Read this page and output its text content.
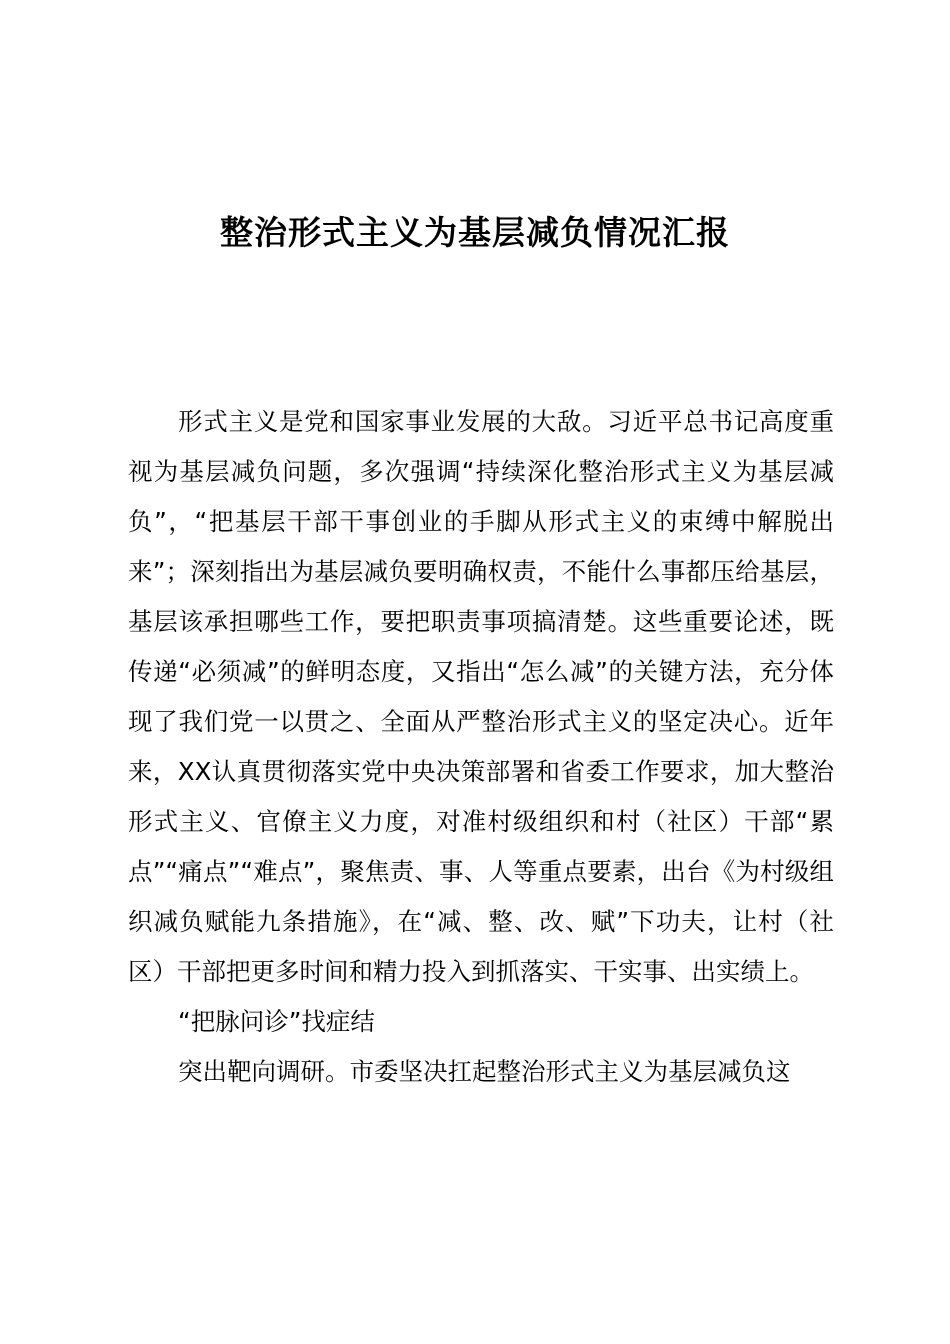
整治形式主义为基层减负情况汇报

形式主义是党和国家事业发展的大敌。习近平总书记高度重视为基层减负问题，多次强调“持续深化整治形式主义为基层减负”，“把基层干部干事创业的手脚从形式主义的束缚中解脱出来”；深刻指出为基层减负要明确权责，不能什么事都压给基层，基层该承担哪些工作，要把职责事项搞清楚。这些重要论述，既传递“必须减”的鲜明态度，又指出“怎么减”的关键方法，充分体现了我们党一以贯之、全面从严整治形式主义的坚定决心。近年来，XX认真贯彻落实党中央决策部署和省委工作要求，加大整治形式主义、官僚主义力度，对准村级组织和村（社区）干部“累点”“痛点”“难点”，聚焦责、事、人等重点要素，出台《为村级组织减负赋能九条措施》，在“减、整、改、赋”下功夫，让村（社区）干部把更多时间和精力投入到抓落实、干实事、出实绩上。

“把脉问诊”找症结

突出靶向调研。市委坚决扛起整治形式主义为基层减负这
